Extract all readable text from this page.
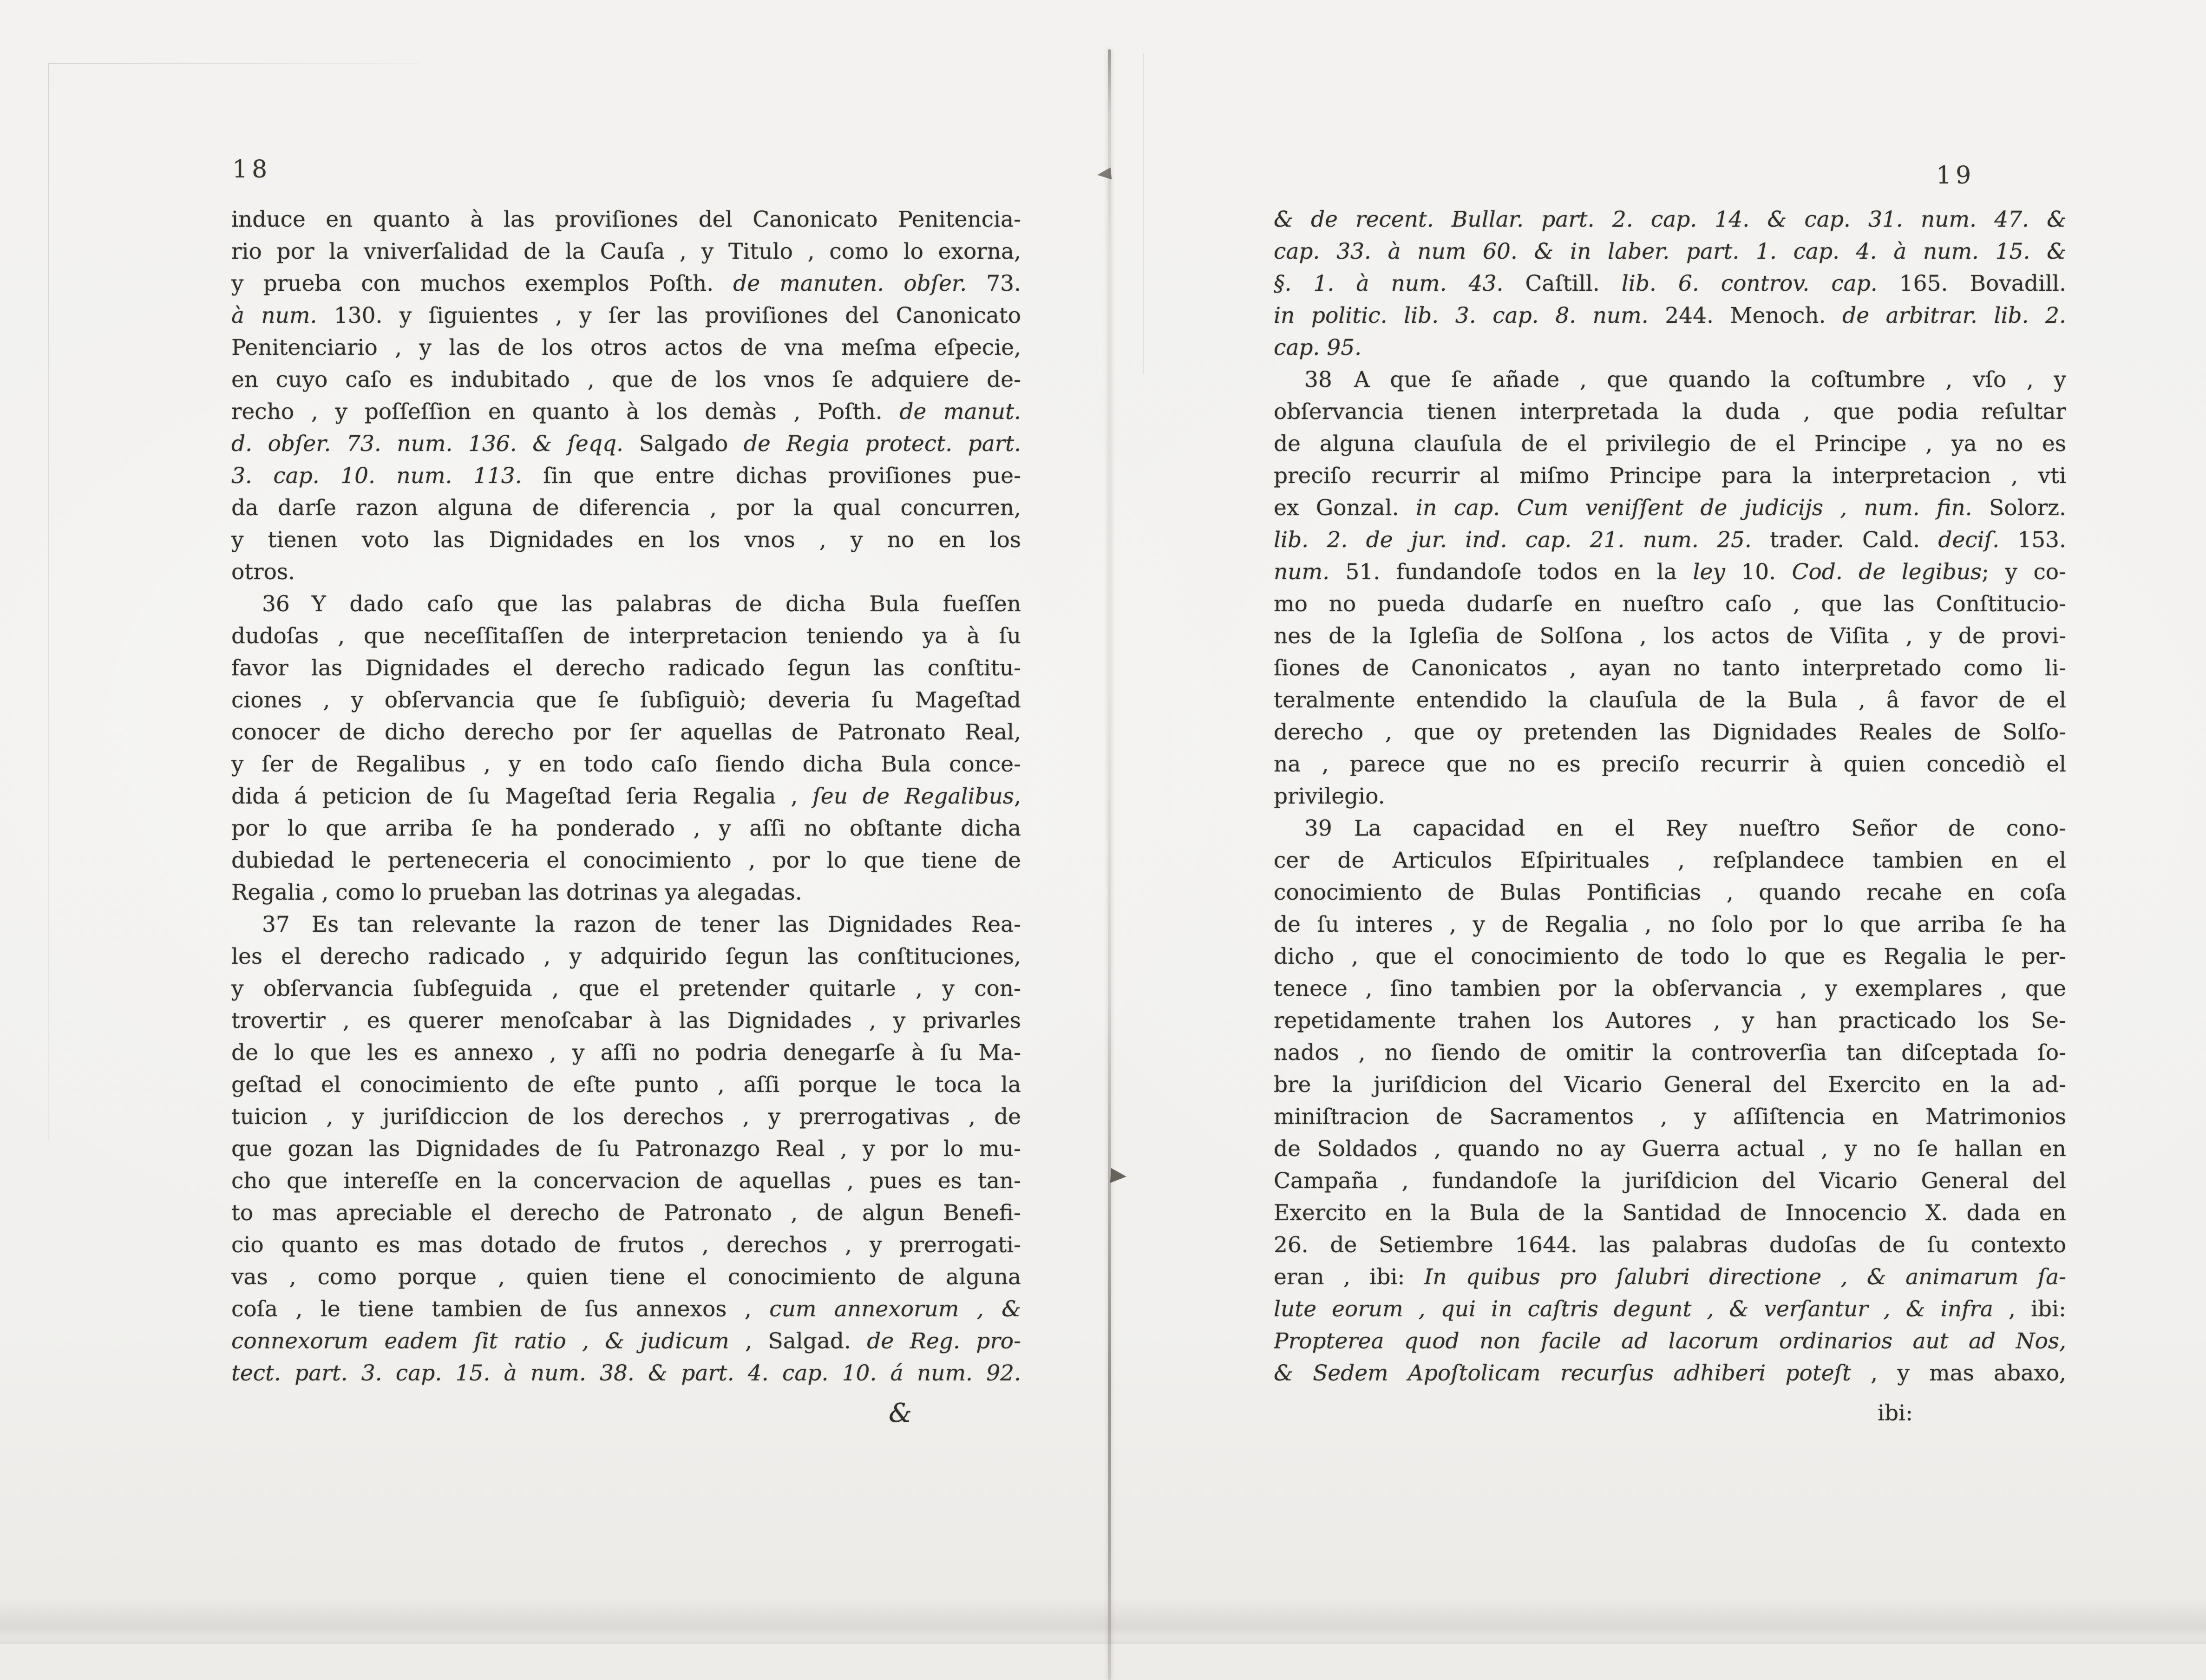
18
induce en quanto à las proviſiones del Canonicato Penitencia-
rio por la vniverſalidad de la Cauſa , y Titulo , como lo exorna,
y prueba con muchos exemplos Poſth. de manuten. obſer. 73.
à num. 130. y ſiguientes , y ſer las proviſiones del Canonicato
Penitenciario , y las de los otros actos de vna meſma eſpecie,
en cuyo caſo es indubitado , que de los vnos ſe adquiere de-
recho , y poſſeſſion en quanto à los demàs , Poſth. de manut.
d. obſer. 73. num. 136. & ſeqq. Salgado de Regia protect. part.
3. cap. 10. num. 113. ſin que entre dichas proviſiones pue-
da darſe razon alguna de diferencia , por la qual concurren,
y tienen voto las Dignidades en los vnos , y no en los
otros.
36 Y dado caſo que las palabras de dicha Bula fueſſen
dudoſas , que neceſſitaſſen de interpretacion teniendo ya à ſu
favor las Dignidades el derecho radicado ſegun las conſtitu-
ciones , y obſervancia que ſe ſubſiguiò; deveria ſu Mageſtad
conocer de dicho derecho por ſer aquellas de Patronato Real,
y ſer de Regalibus , y en todo caſo ſiendo dicha Bula conce-
dida á peticion de ſu Mageſtad ſeria Regalia , ſeu de Regalibus,
por lo que arriba ſe ha ponderado , y aſſi no obſtante dicha
dubiedad le perteneceria el conocimiento , por lo que tiene de
Regalia , como lo prueban las dotrinas ya alegadas.
37 Es tan relevante la razon de tener las Dignidades Rea-
les el derecho radicado , y adquirido ſegun las conſtituciones,
y obſervancia ſubſeguida , que el pretender quitarle , y con-
trovertir , es querer menoſcabar à las Dignidades , y privarles
de lo que les es annexo , y aſſi no podria denegarſe à ſu Ma-
geſtad el conocimiento de eſte punto , aſſi porque le toca la
tuicion , y juriſdiccion de los derechos , y prerrogativas , de
que gozan las Dignidades de ſu Patronazgo Real , y por lo mu-
cho que intereſſe en la concervacion de aquellas , pues es tan-
to mas apreciable el derecho de Patronato , de algun Benefi-
cio quanto es mas dotado de frutos , derechos , y prerrogati-
vas , como porque , quien tiene el conocimiento de alguna
coſa , le tiene tambien de ſus annexos , cum annexorum , &
connexorum eadem ſit ratio , & judicum , Salgad. de Reg. pro-
tect. part. 3. cap. 15. à num. 38. & part. 4. cap. 10. á num. 92.
&
19
& de recent. Bullar. part. 2. cap. 14. & cap. 31. num. 47. &
cap. 33. à num 60. & in laber. part. 1. cap. 4. à num. 15. &
§. 1. à num. 43. Caſtill. lib. 6. controv. cap. 165. Bovadill.
in politic. lib. 3. cap. 8. num. 244. Menoch. de arbitrar. lib. 2.
cap. 95.
38 A que ſe añade , que quando la coſtumbre , vſo , y
obſervancia tienen interpretada la duda , que podia reſultar
de alguna clauſula de el privilegio de el Principe , ya no es
preciſo recurrir al miſmo Principe para la interpretacion , vti
ex Gonzal. in cap. Cum veniſſent de judicijs , num. fin. Solorz.
lib. 2. de jur. ind. cap. 21. num. 25. trader. Cald. deciſ. 153.
num. 51. fundandoſe todos en la ley 10. Cod. de legibus; y co-
mo no pueda dudarſe en nueſtro caſo , que las Conſtitucio-
nes de la Igleſia de Solſona , los actos de Viſita , y de provi-
ſiones de Canonicatos , ayan no tanto interpretado como li-
teralmente entendido la clauſula de la Bula , â favor de el
derecho , que oy pretenden las Dignidades Reales de Solſo-
na , parece que no es preciſo recurrir à quien concediò el
privilegio.
39 La capacidad en el Rey nueſtro Señor de cono-
cer de Articulos Eſpirituales , reſplandece tambien en el
conocimiento de Bulas Pontificias , quando recahe en coſa
de ſu interes , y de Regalia , no ſolo por lo que arriba ſe ha
dicho , que el conocimiento de todo lo que es Regalia le per-
tenece , ſino tambien por la obſervancia , y exemplares , que
repetidamente trahen los Autores , y han practicado los Se-
nados , no ſiendo de omitir la controverſia tan diſceptada ſo-
bre la juriſdicion del Vicario General del Exercito en la ad-
miniſtracion de Sacramentos , y aſſiſtencia en Matrimonios
de Soldados , quando no ay Guerra actual , y no ſe hallan en
Campaña , fundandoſe la juriſdicion del Vicario General del
Exercito en la Bula de la Santidad de Innocencio X. dada en
26. de Setiembre 1644. las palabras dudoſas de ſu contexto
eran , ibi: In quibus pro ſalubri directione , & animarum ſa-
lute eorum , qui in caſtris degunt , & verſantur , & infra , ibi:
Propterea quod non facile ad lacorum ordinarios aut ad Nos,
& Sedem Apoſtolicam recurſus adhiberi poteſt , y mas abaxo,
ibi:
